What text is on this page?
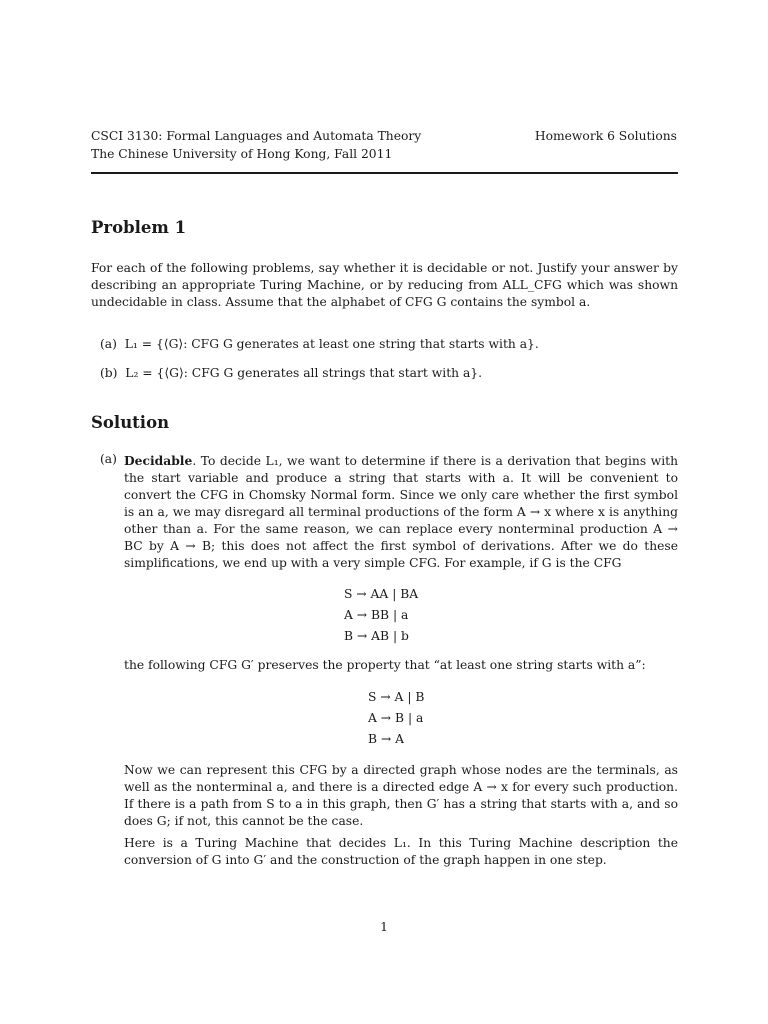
CSCI 3130: Formal Languages and Automata Theory
The Chinese University of Hong Kong, Fall 2011
Homework 6 Solutions
Problem 1

For each of the following problems, say whether it is decidable or not. Justify your answer by describing an appropriate Turing Machine, or by reducing from ALL_CFG which was shown undecidable in class. Assume that the alphabet of CFG G contains the symbol a.

(a) L₁ = {⟨G⟩: CFG G generates at least one string that starts with a}.
(b) L₂ = {⟨G⟩: CFG G generates all strings that start with a}.
Solution
(a) Decidable. To decide L₁, we want to determine if there is a derivation that begins with the start variable and produce a string that starts with a. It will be convenient to convert the CFG in Chomsky Normal form. Since we only care whether the first symbol is an a, we may disregard all terminal productions of the form A → x where x is anything other than a. For the same reason, we can replace every nonterminal production A → BC by A → B; this does not affect the first symbol of derivations. After we do these simplifications, we end up with a very simple CFG. For example, if G is the CFG
S → AA | BA
A → BB | a
B → AB | b

the following CFG G′ preserves the property that “at least one string starts with a”:

S → A | B
A → B | a
B → A

Now we can represent this CFG by a directed graph whose nodes are the terminals, as well as the nonterminal a, and there is a directed edge A → x for every such production. If there is a path from S to a in this graph, then G′ has a string that starts with a, and so does G; if not, this cannot be the case.

Here is a Turing Machine that decides L₁. In this Turing Machine description the conversion of G into G′ and the construction of the graph happen in one step.

1
